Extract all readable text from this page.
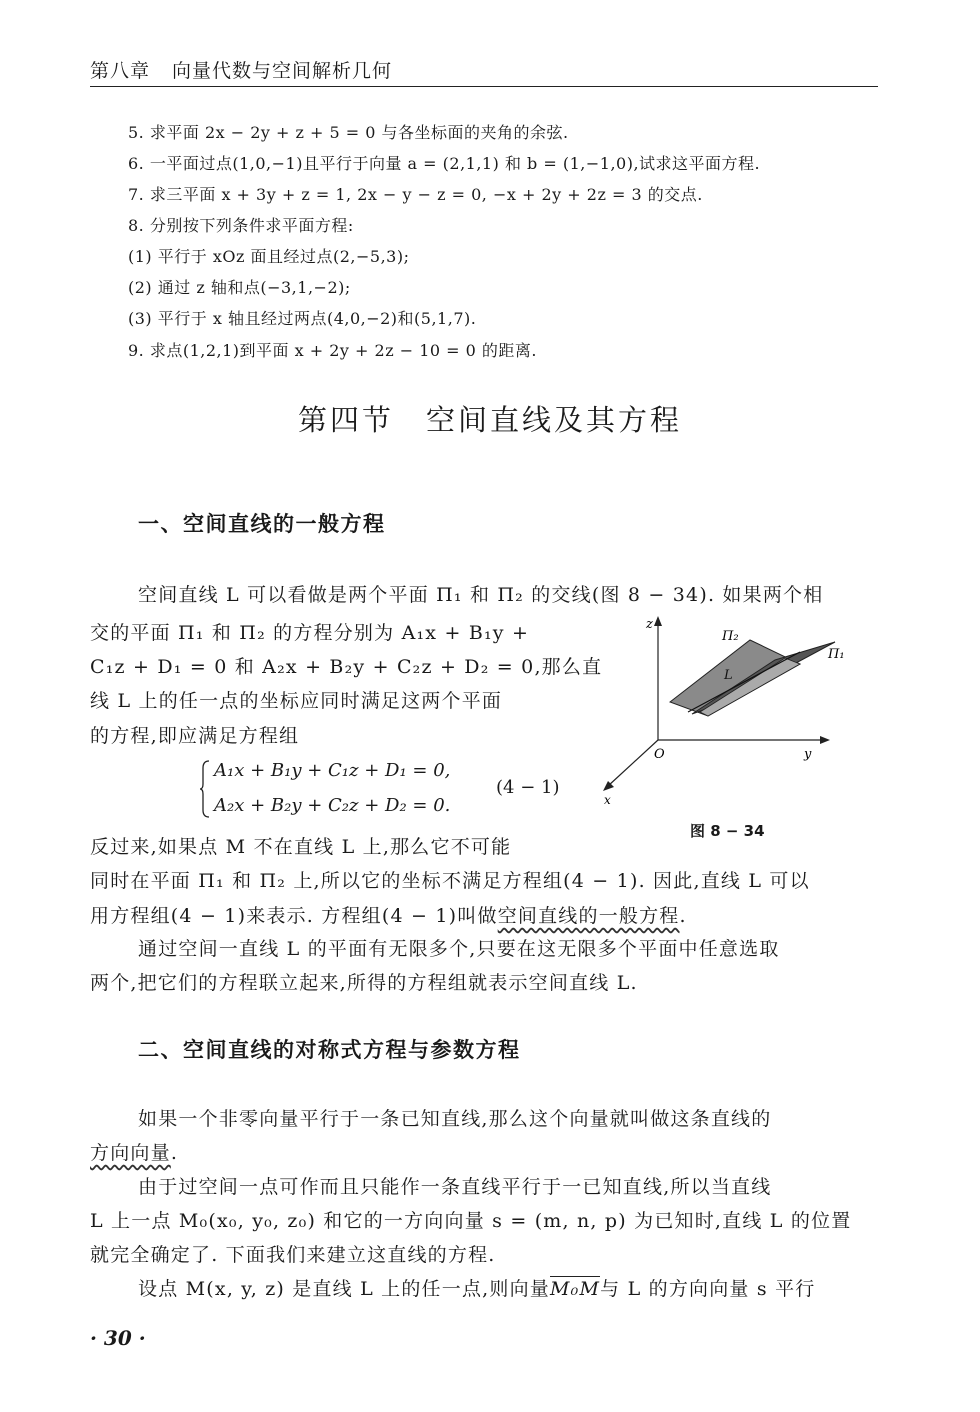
第八章 向量代数与空间解析几何
5. 求平面 2x − 2y + z + 5 = 0 与各坐标面的夹角的余弦.
6. 一平面过点(1,0,−1)且平行于向量 a = (2,1,1) 和 b = (1,−1,0),试求这平面方程.
7. 求三平面 x + 3y + z = 1, 2x − y − z = 0, −x + 2y + 2z = 3 的交点.
8. 分别按下列条件求平面方程:
(1) 平行于 xOz 面且经过点(2,−5,3);
(2) 通过 z 轴和点(−3,1,−2);
(3) 平行于 x 轴且经过两点(4,0,−2)和(5,1,7).
9. 求点(1,2,1)到平面 x + 2y + 2z − 10 = 0 的距离.
第四节　空间直线及其方程
一、空间直线的一般方程
空间直线 L 可以看做是两个平面 Π₁ 和 Π₂ 的交线(图 8 − 34). 如果两个相
交的平面 Π₁ 和 Π₂ 的方程分别为 A₁x + B₁y +
C₁z + D₁ = 0 和 A₂x + B₂y + C₂z + D₂ = 0,那么直
线 L 上的任一点的坐标应同时满足这两个平面
的方程,即应满足方程组
A₁x + B₁y + C₁z + D₁ = 0,
A₂x + B₂y + C₂z + D₂ = 0.
(4 − 1)
z
y
x
O
Π₂
Π₁
L
图 8 − 34
反过来,如果点 M 不在直线 L 上,那么它不可能
同时在平面 Π₁ 和 Π₂ 上,所以它的坐标不满足方程组(4 − 1). 因此,直线 L 可以
用方程组(4 − 1)来表示. 方程组(4 − 1)叫做空间直线的一般方程.
通过空间一直线 L 的平面有无限多个,只要在这无限多个平面中任意选取
两个,把它们的方程联立起来,所得的方程组就表示空间直线 L.
二、空间直线的对称式方程与参数方程
如果一个非零向量平行于一条已知直线,那么这个向量就叫做这条直线的
方向向量.
由于过空间一点可作而且只能作一条直线平行于一已知直线,所以当直线
L 上一点 M₀(x₀, y₀, z₀) 和它的一方向向量 s = (m, n, p) 为已知时,直线 L 的位置
就完全确定了. 下面我们来建立这直线的方程.
设点 M(x, y, z) 是直线 L 上的任一点,则向量M₀M与 L 的方向向量 s 平行
· 30 ·
